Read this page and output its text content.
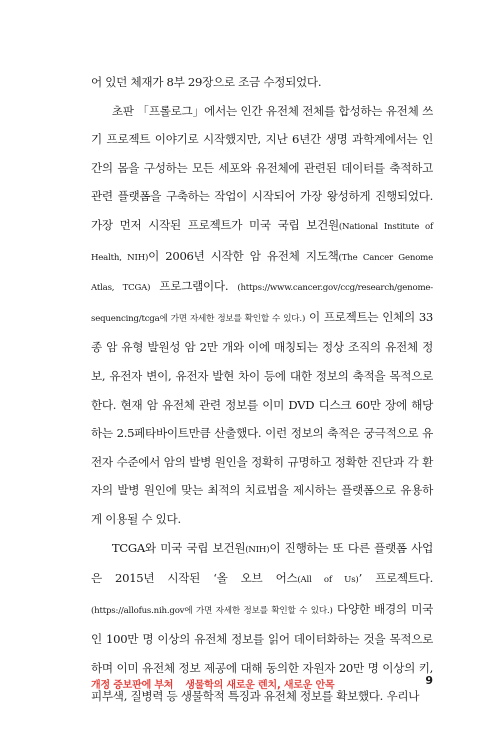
어 있던 체재가 8부 29장으로 조금 수정되었다.

초판 「프롤로그」에서는 인간 유전체 전체를 합성하는 유전체 쓰기 프로젝트 이야기로 시작했지만, 지난 6년간 생명 과학계에서는 인간의 몸을 구성하는 모든 세포와 유전체에 관련된 데이터를 축적하고 관련 플랫폼을 구축하는 작업이 시작되어 가장 왕성하게 진행되었다. 가장 먼저 시작된 프로젝트가 미국 국립 보건원(National Institute of Health, NIH)이 2006년 시작한 암 유전체 지도책(The Cancer Genome Atlas, TCGA) 프로그램이다. (https://www.cancer.gov/ccg/research/genome-sequencing/tcga에 가면 자세한 정보를 확인할 수 있다.) 이 프로젝트는 인체의 33종 암 유형 발원성 암 2만 개와 이에 매칭되는 정상 조직의 유전체 정보, 유전자 변이, 유전자 발현 차이 등에 대한 정보의 축적을 목적으로 한다. 현재 암 유전체 관련 정보를 이미 DVD 디스크 60만 장에 해당하는 2.5페타바이트만큼 산출했다. 이런 정보의 축적은 궁극적으로 유전자 수준에서 암의 발병 원인을 정확히 규명하고 정확한 진단과 각 환자의 발병 원인에 맞는 최적의 치료법을 제시하는 플랫폼으로 유용하게 이용될 수 있다.

TCGA와 미국 국립 보건원(NIH)이 진행하는 또 다른 플랫폼 사업은 2015년 시작된 ‘올 오브 어스(All of Us)’ 프로젝트다. (https://allofus.nih.gov에 가면 자세한 정보를 확인할 수 있다.) 다양한 배경의 미국인 100만 명 이상의 유전체 정보를 읽어 데이터화하는 것을 목적으로 하며 이미 유전체 정보 제공에 대해 동의한 자원자 20만 명 이상의 키, 피부색, 질병력 등 생물학적 특징과 유전체 정보를 확보했다. 우리나

개정 증보판에 부쳐 생물학의 새로운 렌치, 새로운 안목	9
